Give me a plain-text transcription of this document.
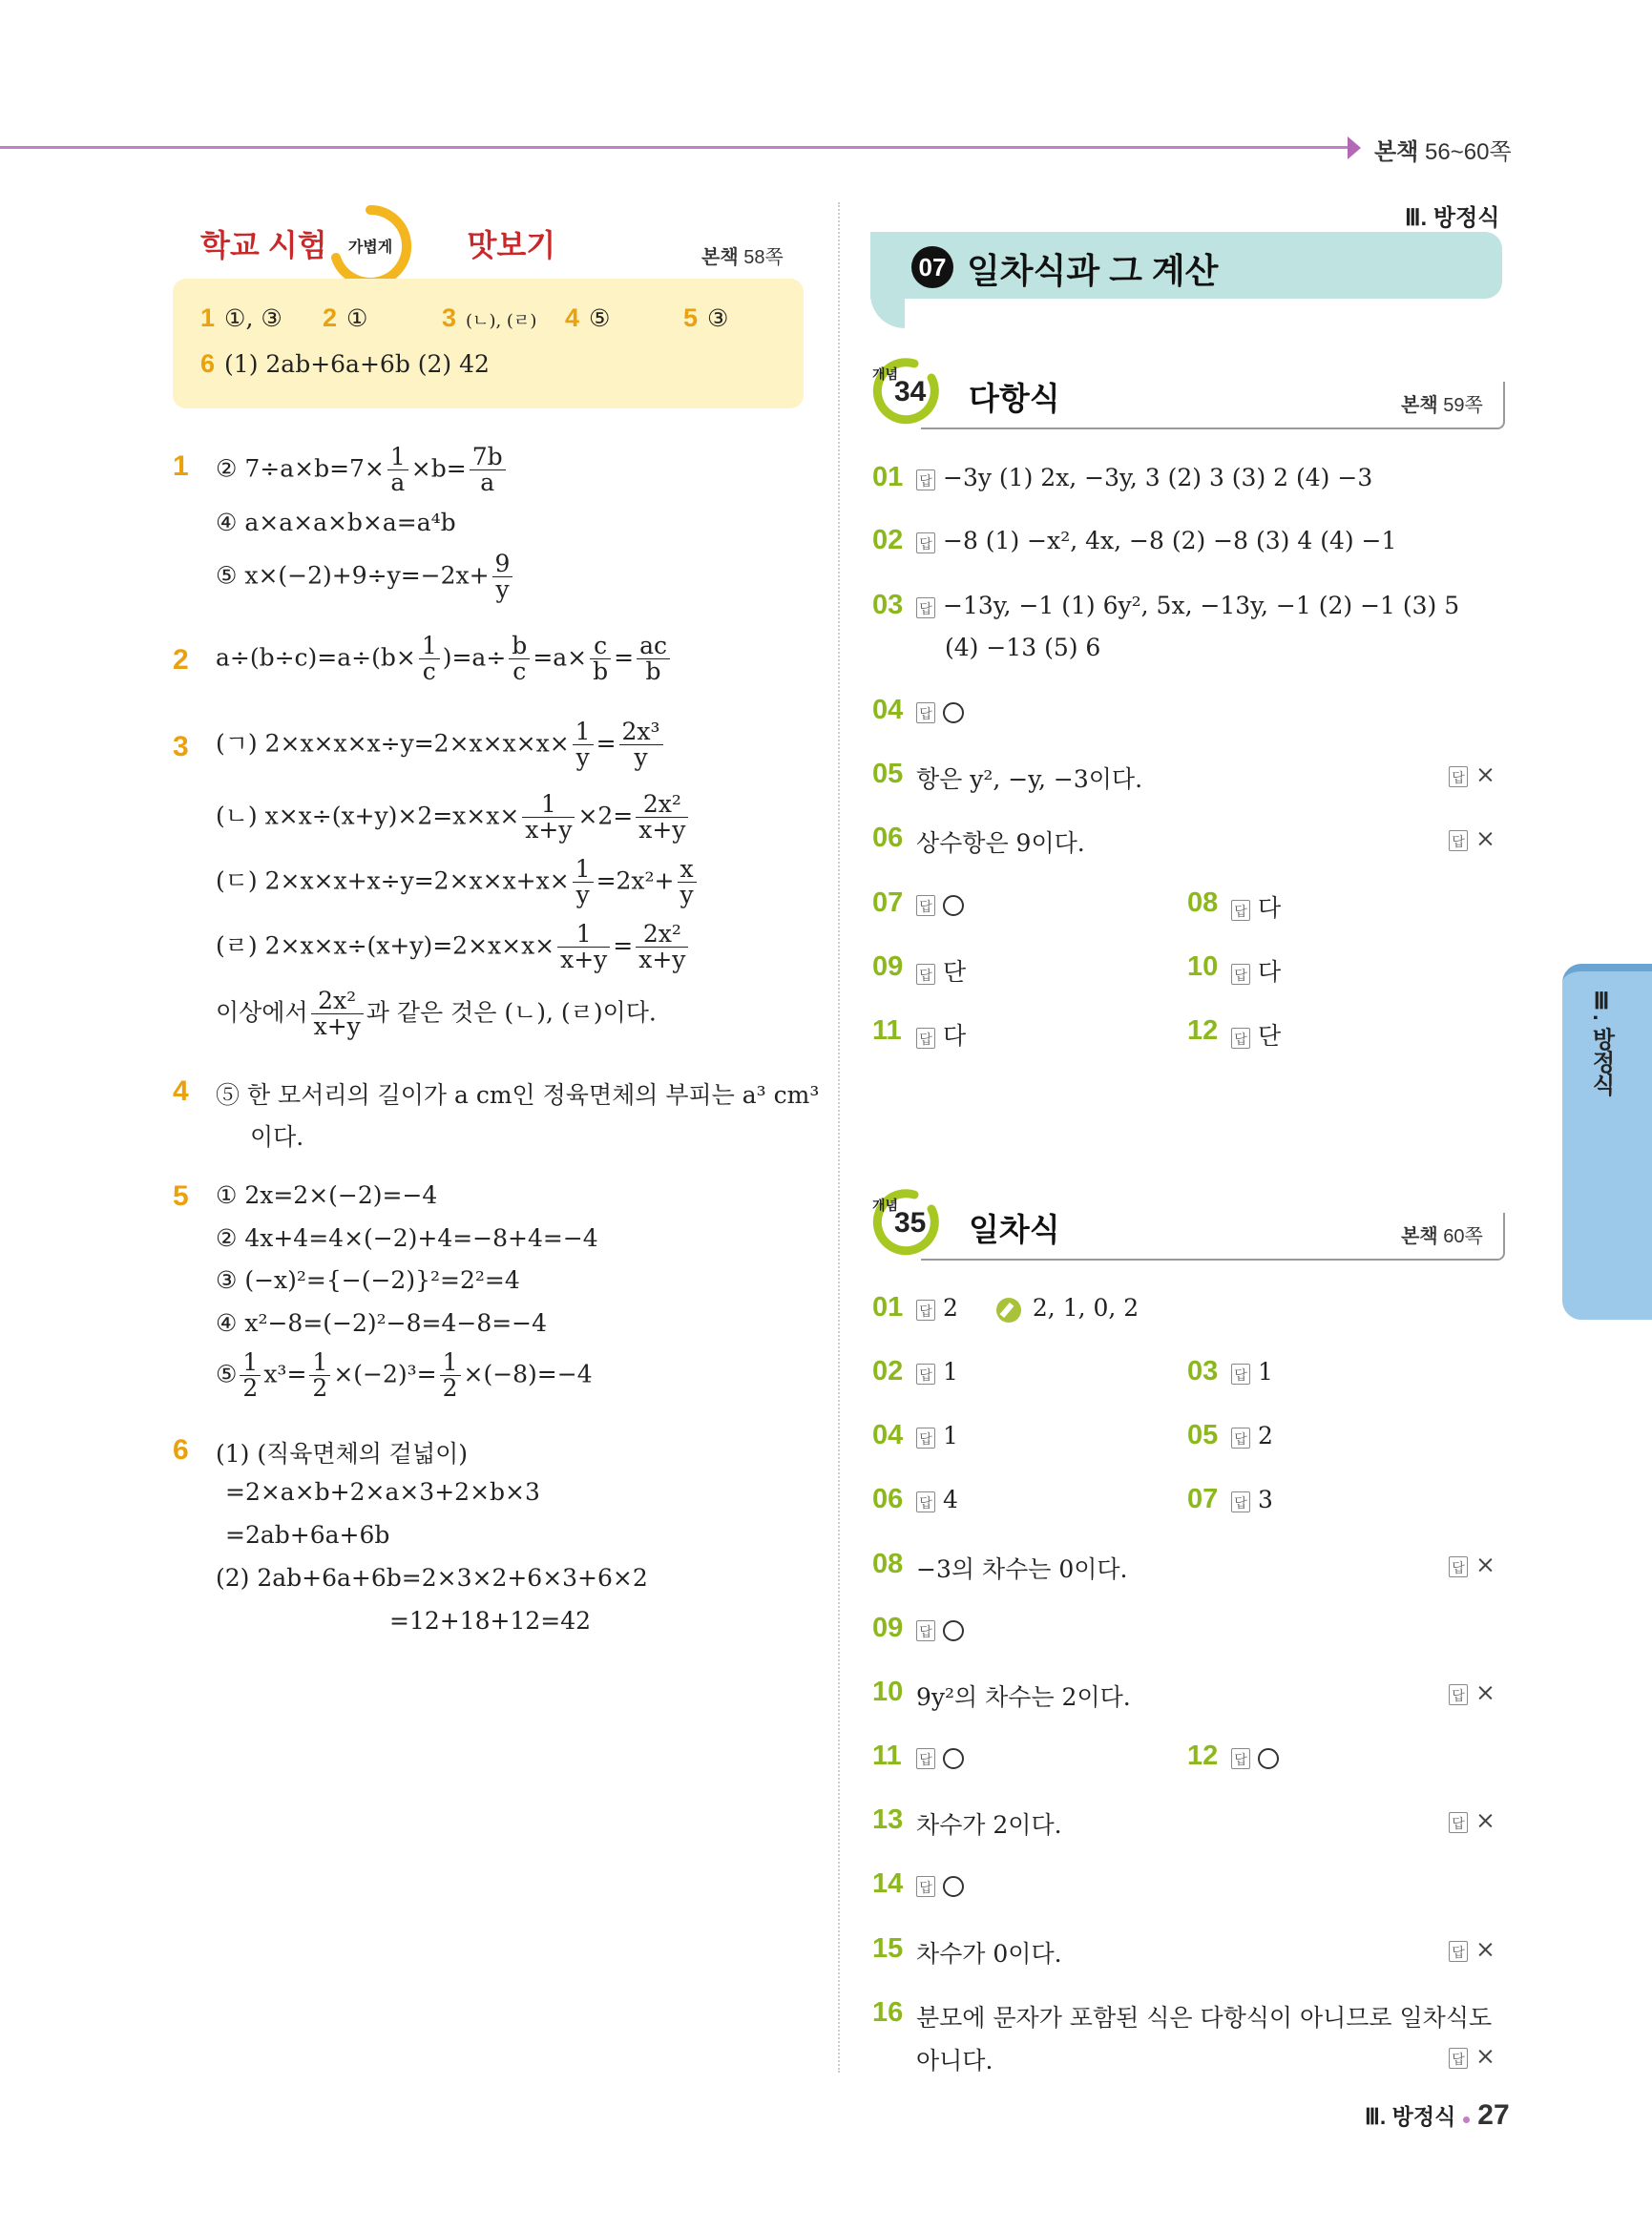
본책 56~60쪽
학교 시험	맛보기
가볍게	본책 58쪽
1 ①, ③ 2 ①	3 (ㄴ), (ㄹ) 4 ⑤	5 ③
6 (1) 2ab+6a+6b (2) 42
1 ② $7\div a\times b=7\times \frac{1}{a} \times b= \frac{7b}{a}$
④ a×a×a×b×a=a⁴b
⑤ $x\times(-2)+9\div y=-2x+ \frac{9}{y}$
2 $a\div(b\div c)=a\div(b\times \frac{1}{c} )=a\div \frac{b}{c} =a\times \frac{c}{b} = \frac{ac}{b}$
3 (ㄱ) $2\times x\times x\times x\div y=2\times x\times x\times x\times \frac{1}{y} = \frac{\text{2x³}}{y}$
(ㄴ) $x\times x\div(x+y)\times 2=x\times x\times \frac{1}{x+y} \times 2= \frac{\text{2x²}}{x+y}$
(ㄷ) $2\times x\times x+x\div y=2\times x\times x+x\times \frac{1}{y} =2x^2+ \frac{x}{y}$
(ㄹ) $2\times x\times x\div(x+y)=2\times x\times x\times \frac{1}{x+y} = \frac{\text{2x²}}{x+y}$
이상에서 $\frac{\text{2x²}}{x+y}$ 과 같은 것은 (ㄴ), (ㄹ)이다.
4 ⑤ 한 모서리의 길이가 a cm인 정육면체의 부피는 a³ cm³
이다.
5 ① 2x=2×(−2)=−4
② 4x+4=4×(−2)+4=−8+4=−4
③ (−x)²={−(−2)}²=2²=4
④ x²−8=(−2)²−8=4−8=−4
⑤ $\frac{1}{2} x^3= \frac{1}{2} \times(-2)^3= \frac{1}{2} \times(-8)=-4$
6 (1) (직육면체의 겉넓이)
=2×a×b+2×a×3+2×b×3
=2ab+6a+6b
(2) 2ab+6a+6b=2×3×2+6×3+6×2
=12+18+12=42
Ⅲ. 방정식
07 일차식과 그 계산
개념
34 다항식	본책 59쪽
01 답 −3y (1) 2x, −3y, 3 (2) 3 (3) 2 (4) −3
02 답 −8 (1) −x², 4x, −8 (2) −8 (3) 4 (4) −1
03 답 −13y, −1 (1) 6y², 5x, −13y, −1 (2) −1 (3) 5
(4) −13 (5) 6
04 답
05 항은 y², −y, −3이다.	답 ×
06 상수항은 9이다.	답 ×
07 답	08 답 다
09 답 단	10 답 다
11 답 다	12 답 단
개념
35 일차식	본책 60쪽
01 답 2	2, 1, 0, 2
02 답 1	03 답 1
04 답 1	05 답 2
06 답 4	07 답 3
08 −3의 차수는 0이다.	답 ×
09 답
10 9y²의 차수는 2이다.	답 ×
11 답	12 답
13 차수가 2이다.	답 ×
14 답
15 차수가 0이다.	답 ×
16 분모에 문자가 포함된 식은 다항식이 아니므로 일차식도
아니다.	답 ×
Ⅲ. 방정식
Ⅲ. 방정식 27
